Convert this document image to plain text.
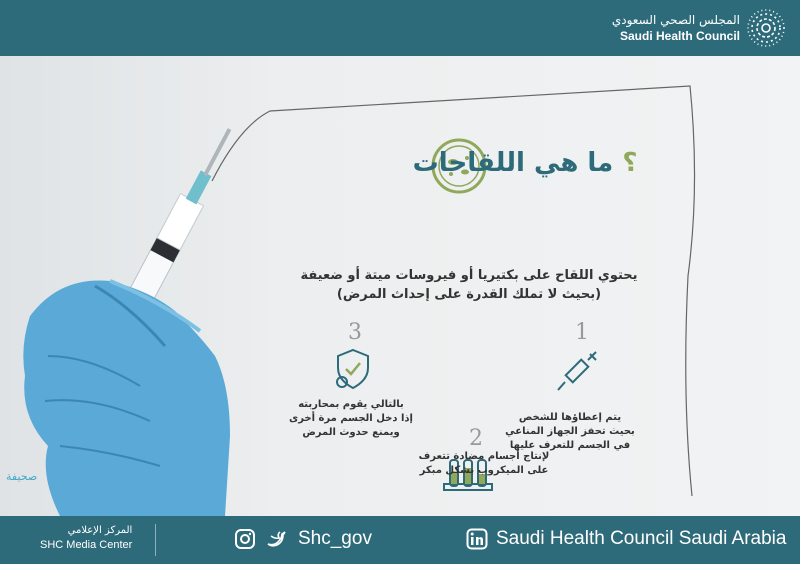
المجلس الصحي السعودي
Saudi Health Council
؟ ما هي اللقاحات
يحتوي اللقاح على بكتيريا أو فيروسات ميتة أو ضعيفة
(بحيث لا تملك القدرة على إحداث المرض)
1
يتم إعطاؤها للشخص
بحيث تحفز الجهاز المناعي
في الجسم للتعرف عليها
3
بالتالي يقوم بمحاربته
إذا دخل الجسم مرة أخرى
ويمنع حدوث المرض	2
لإنتاج أجسام مضادة تتعرف
على الميكروب بشكل مبكر
صحيفة
المركز الإعلامي
SHC Media Center	Shc_gov	Saudi Health Council Saudi Arabia
